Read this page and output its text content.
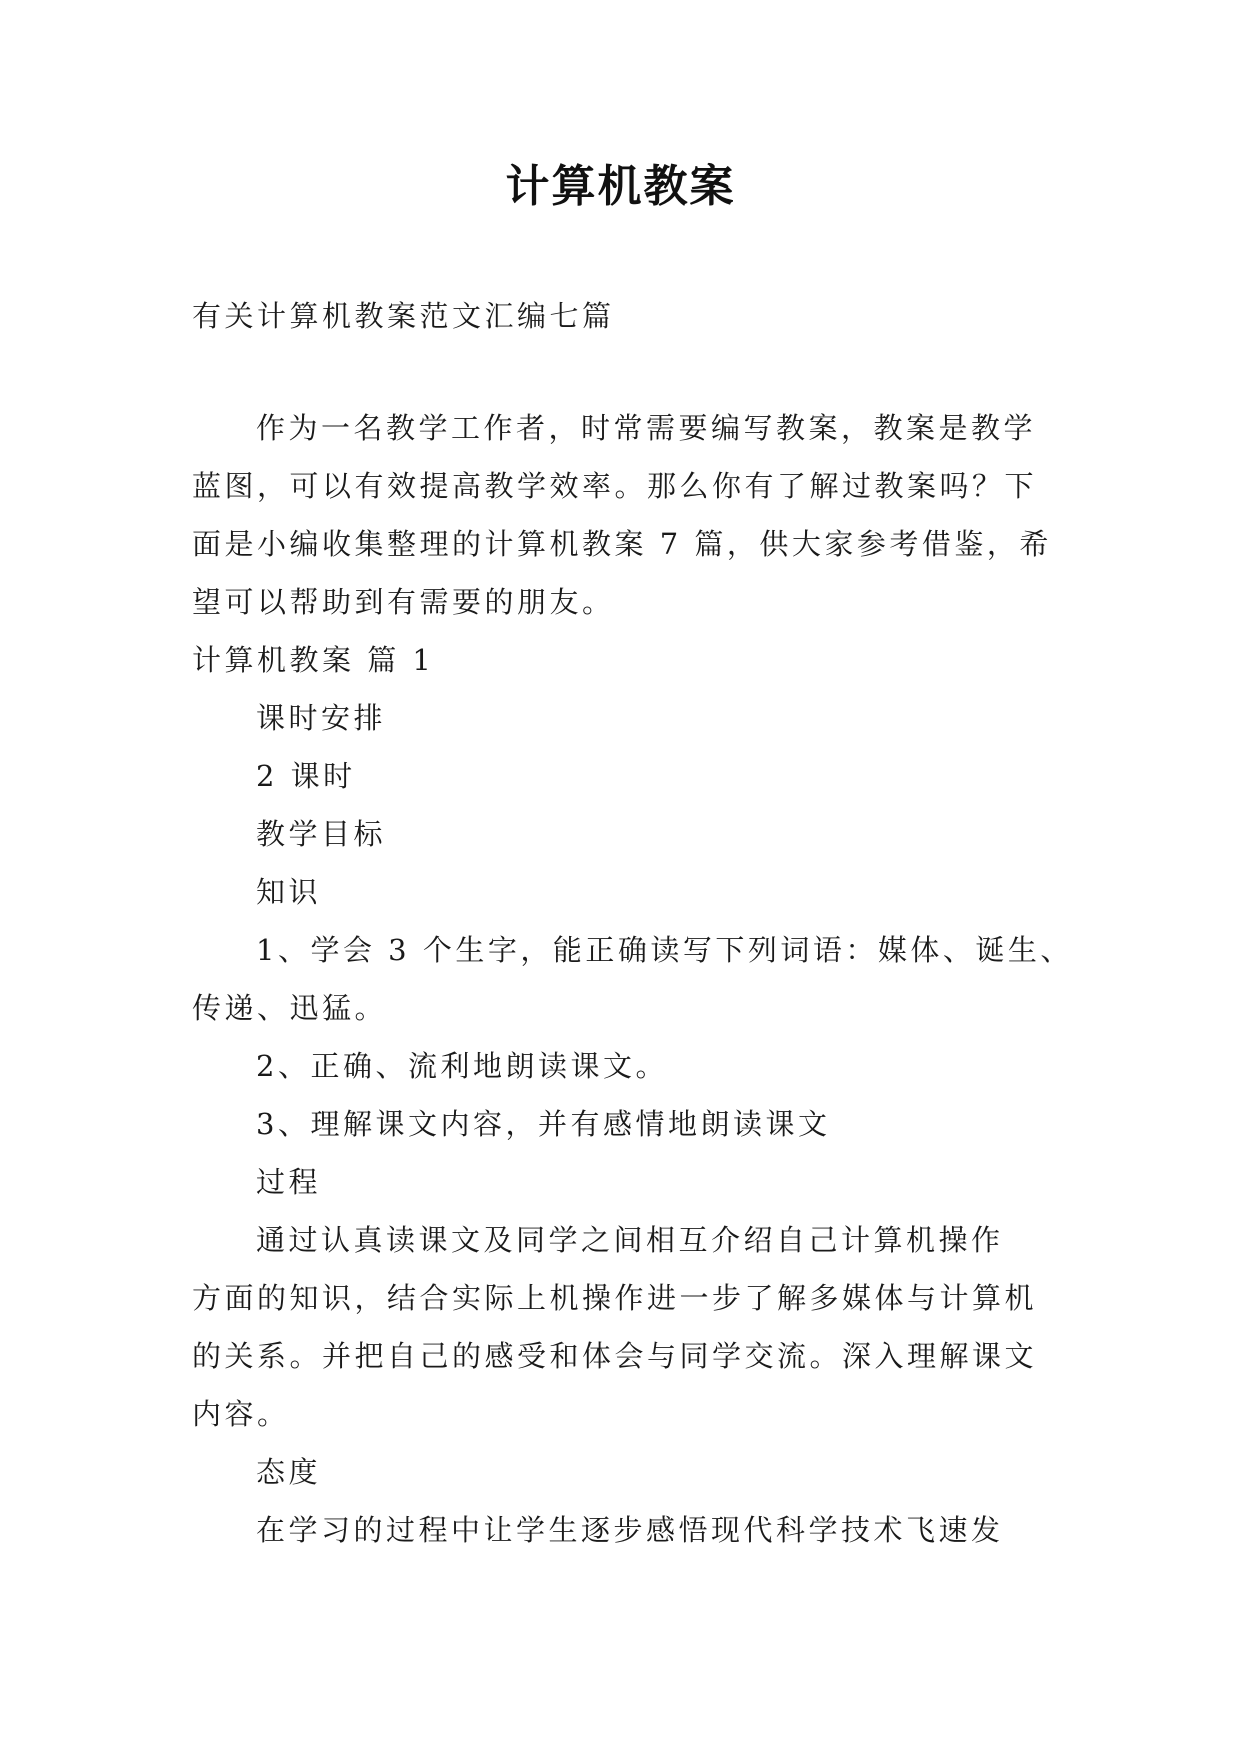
计算机教案

有关计算机教案范文汇编七篇

作为一名教学工作者，时常需要编写教案，教案是教学

蓝图，可以有效提高教学效率。那么你有了解过教案吗？下

面是小编收集整理的计算机教案 7 篇，供大家参考借鉴，希

望可以帮助到有需要的朋友。

计算机教案 篇 1

课时安排

2 课时

教学目标

知识

1、学会 3 个生字，能正确读写下列词语：媒体、诞生、

传递、迅猛。

2、正确、流利地朗读课文。

3、理解课文内容，并有感情地朗读课文

过程

通过认真读课文及同学之间相互介绍自己计算机操作

方面的知识，结合实际上机操作进一步了解多媒体与计算机

的关系。并把自己的感受和体会与同学交流。深入理解课文

内容。

态度

在学习的过程中让学生逐步感悟现代科学技术飞速发
